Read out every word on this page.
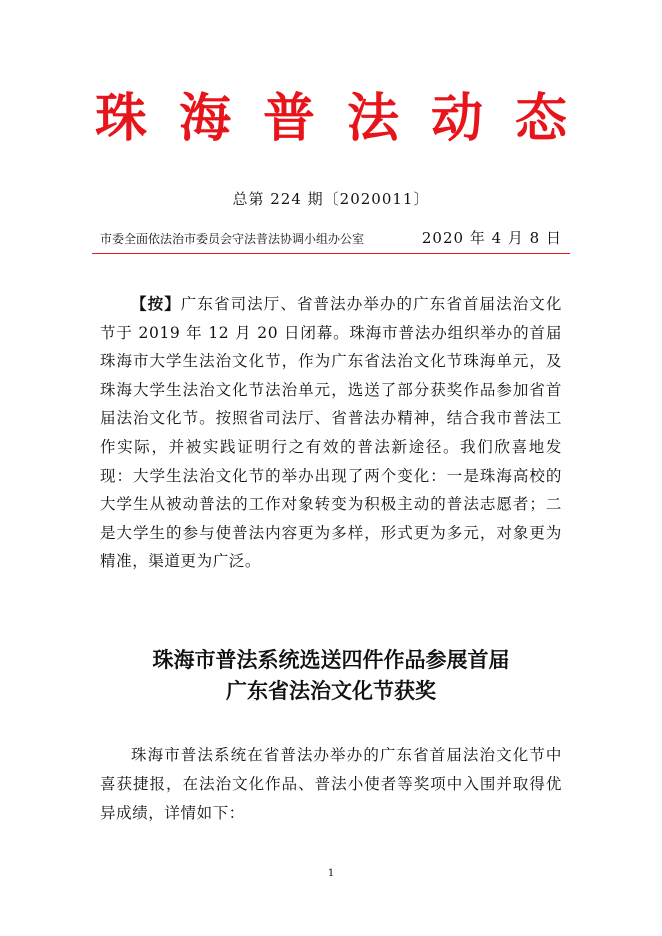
珠海普法动态
总第 224 期〔2020011〕
市委全面依法治市委员会守法普法协调小组办公室	2020 年 4 月 8 日

【按】广东省司法厅、省普法办举办的广东省首届法治文化节于 2019 年 12 月 20 日闭幕。珠海市普法办组织举办的首届珠海市大学生法治文化节，作为广东省法治文化节珠海单元，及珠海大学生法治文化节法治单元，选送了部分获奖作品参加省首届法治文化节。按照省司法厅、省普法办精神，结合我市普法工作实际，并被实践证明行之有效的普法新途径。我们欣喜地发现：大学生法治文化节的举办出现了两个变化：一是珠海高校的大学生从被动普法的工作对象转变为积极主动的普法志愿者；二是大学生的参与使普法内容更为多样，形式更为多元，对象更为精准，渠道更为广泛。

珠海市普法系统选送四件作品参展首届
广东省法治文化节获奖

珠海市普法系统在省普法办举办的广东省首届法治文化节中喜获捷报，在法治文化作品、普法小使者等奖项中入围并取得优异成绩，详情如下：

1
